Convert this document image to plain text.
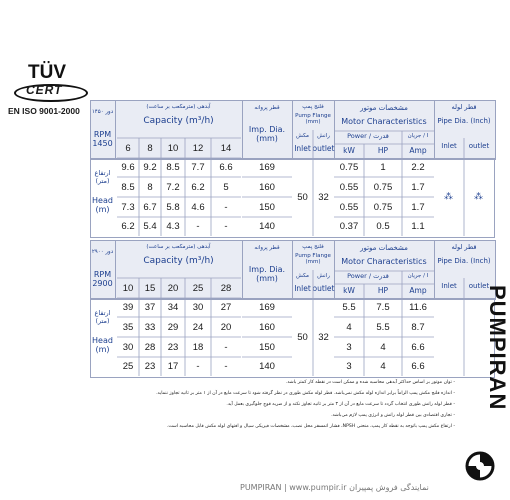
TÜV
CERT
EN ISO 9001-2000	دور ۱۴۵۰
RPM 1450
آبدهی (مترمکعب بر ساعت)
Capacity (m³/h)
6	8	10	12	14
قطر پروانه
Imp. Dia. (mm)
فلنج پمپ
Pump Flange (mm)
مکش	رانش
Inlet outlet
مشخصات موتور
Motor Characteristics
Power / قدرت	جریان / I
kW	HP	Amp
قطر لوله
Pipe Dia. (Inch)
Inlet	outlet
ارتفاع (متر)
Head (m)
9.6 9.2	8.5	7.7	6.6	169	0.75	1	2.2
8.5	8	7.2	6.2	5	160	0.55	0.75	1.7
7.3 6.7	5.8	4.6	-	150	0.55	0.75	1.7
6.2 5.4	4.3	-	-	140	0.37	0.5	1.1
50	32	⁂	⁂
دور ۲۹۰۰
RPM 2900
آبدهی (مترمکعب بر ساعت)
Capacity (m³/h)
10	15	20	25	28
قطر پروانه
Imp. Dia. (mm)
فلنج پمپ
Pump Flange (mm)
مکش	رانش
Inlet outlet
مشخصات موتور
Motor Characteristics
Power / قدرت	جریان / I
kW	HP	Amp
قطر لوله
Pipe Dia. (Inch)
Inlet	outlet
ارتفاع (متر)
Head (m)
39	37	34	30	27	169	5.5	7.5	11.6
35	33	29	24	20	160	4	5.5	8.7
30	28	23	18	-	150	3	4	6.6
25	23	17	-	-	140	3	4	6.6
50	32
- توان موتور بر اساس حداکثر آبدهی محاسبه شده و ممکن است در نقطه کار کمتر باشد.
- اندازه فلنج مکش پمپ الزاماً برابر اندازه لوله مکش نمی‌باشد. قطر لوله مکش طوری در نظر گرفته شود تا سرعت مایع در آن از ۱ متر بر ثانیه تجاوز ننماید.
- قطر لوله رانش طوری انتخاب گردد تا سرعت مایع در آن از ۳ متر بر ثانیه تجاوز نکند و از ضربه قوچ جلوگیری بعمل آید.
- تجاری اقتصادی بین قطر لوله رانش و انرژی پمپ لازم می‌باشد.
- ارتفاع مکش پمپ باتوجه به نقطه کار پمپ، منحنی NPSH، فشار اتمسفر محل نصب، مشخصات فیزیکی سیال و افتهای لوله مکش قابل محاسبه است.
PUMPIRAN
نمایندگی فروش پمپیران PUMPIRAN | www.pumpir.ir
